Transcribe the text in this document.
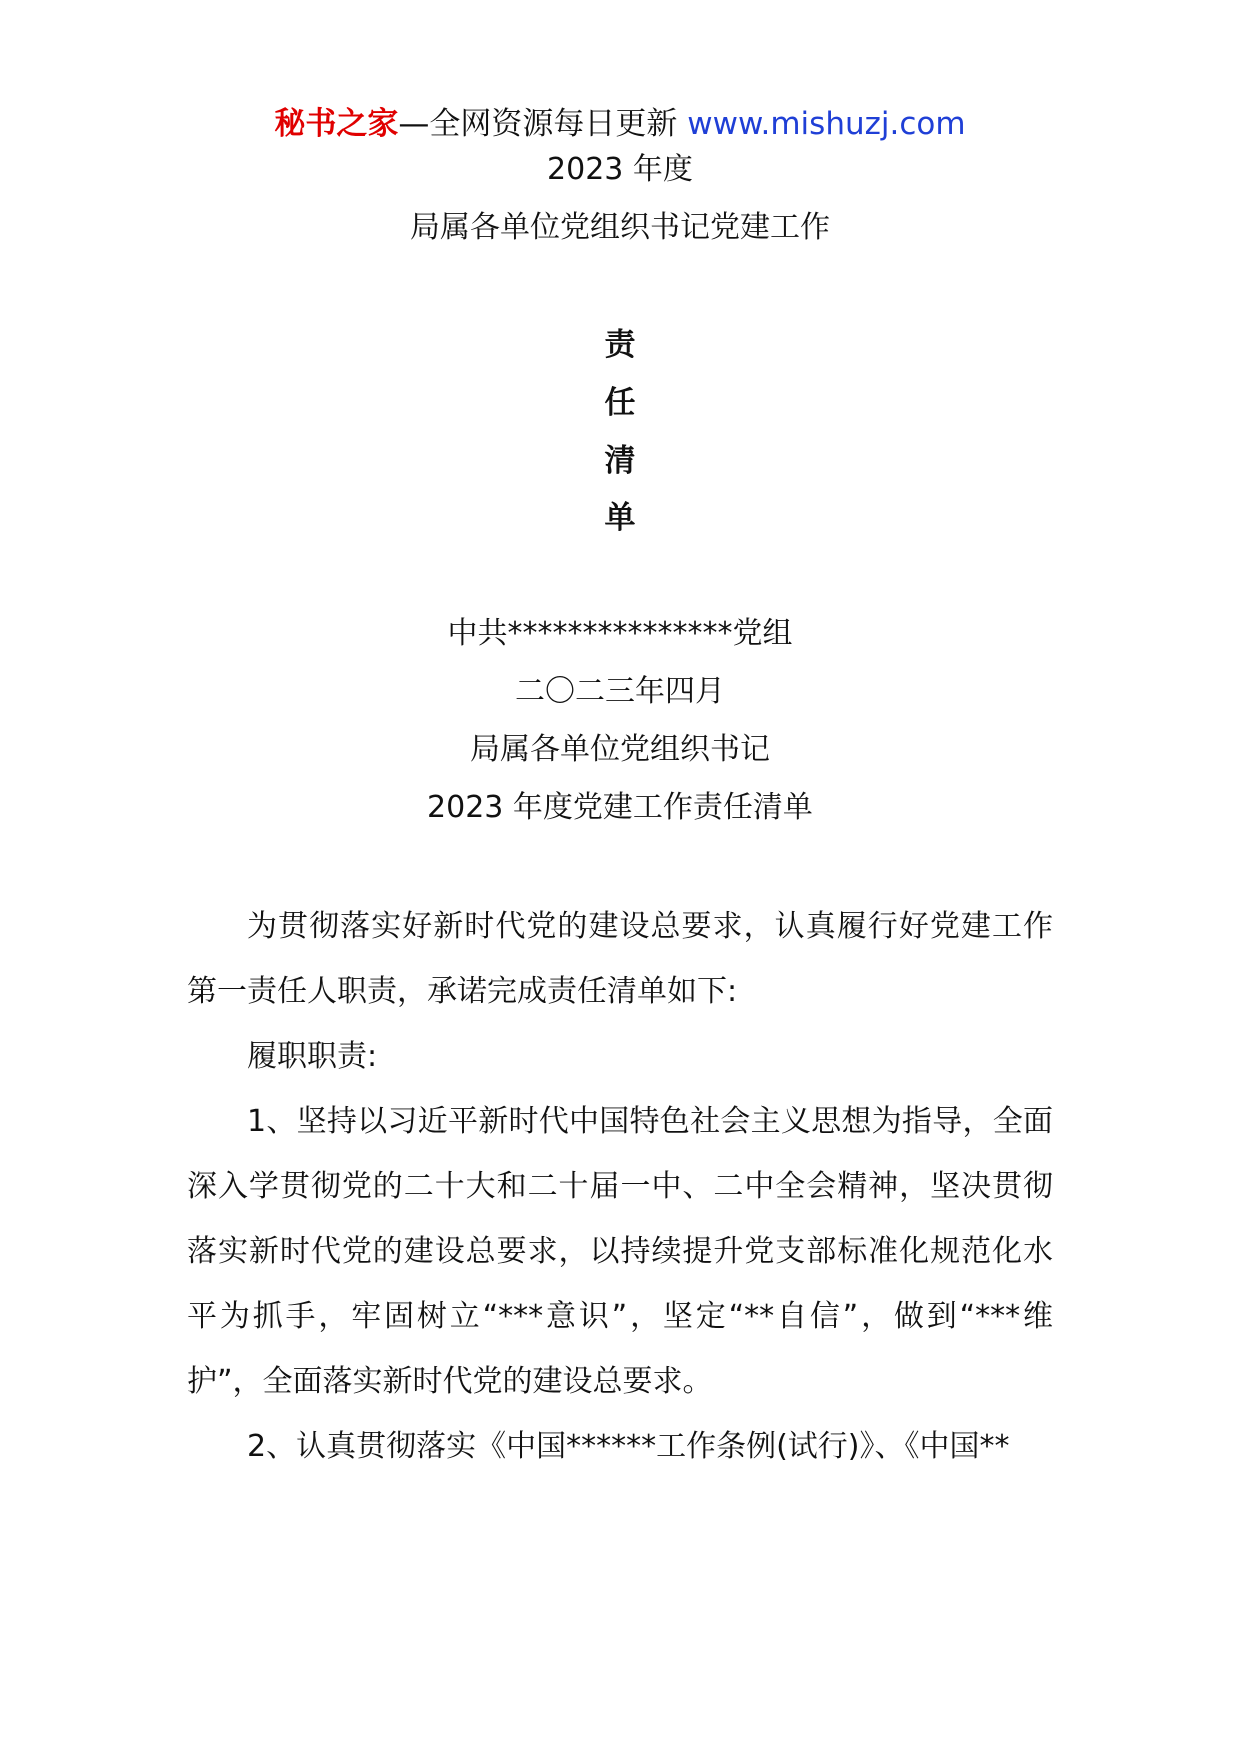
秘书之家—全网资源每日更新 www.mishuzj.com
2023 年度
局属各单位党组织书记党建工作
责
任
清
单
中共***************党组
二〇二三年四月
局属各单位党组织书记
2023 年度党建工作责任清单

为贯彻落实好新时代党的建设总要求，认真履行好党建工作第一责任人职责，承诺完成责任清单如下:

履职职责:

1、坚持以习近平新时代中国特色社会主义思想为指导，全面深入学贯彻党的二十大和二十届一中、二中全会精神，坚决贯彻落实新时代党的建设总要求，以持续提升党支部标准化规范化水平为抓手，牢固树立“***意识”，坚定“**自信”，做到“***维护”，全面落实新时代党的建设总要求。

2、认真贯彻落实《中国******工作条例(试行)》、《中国**
